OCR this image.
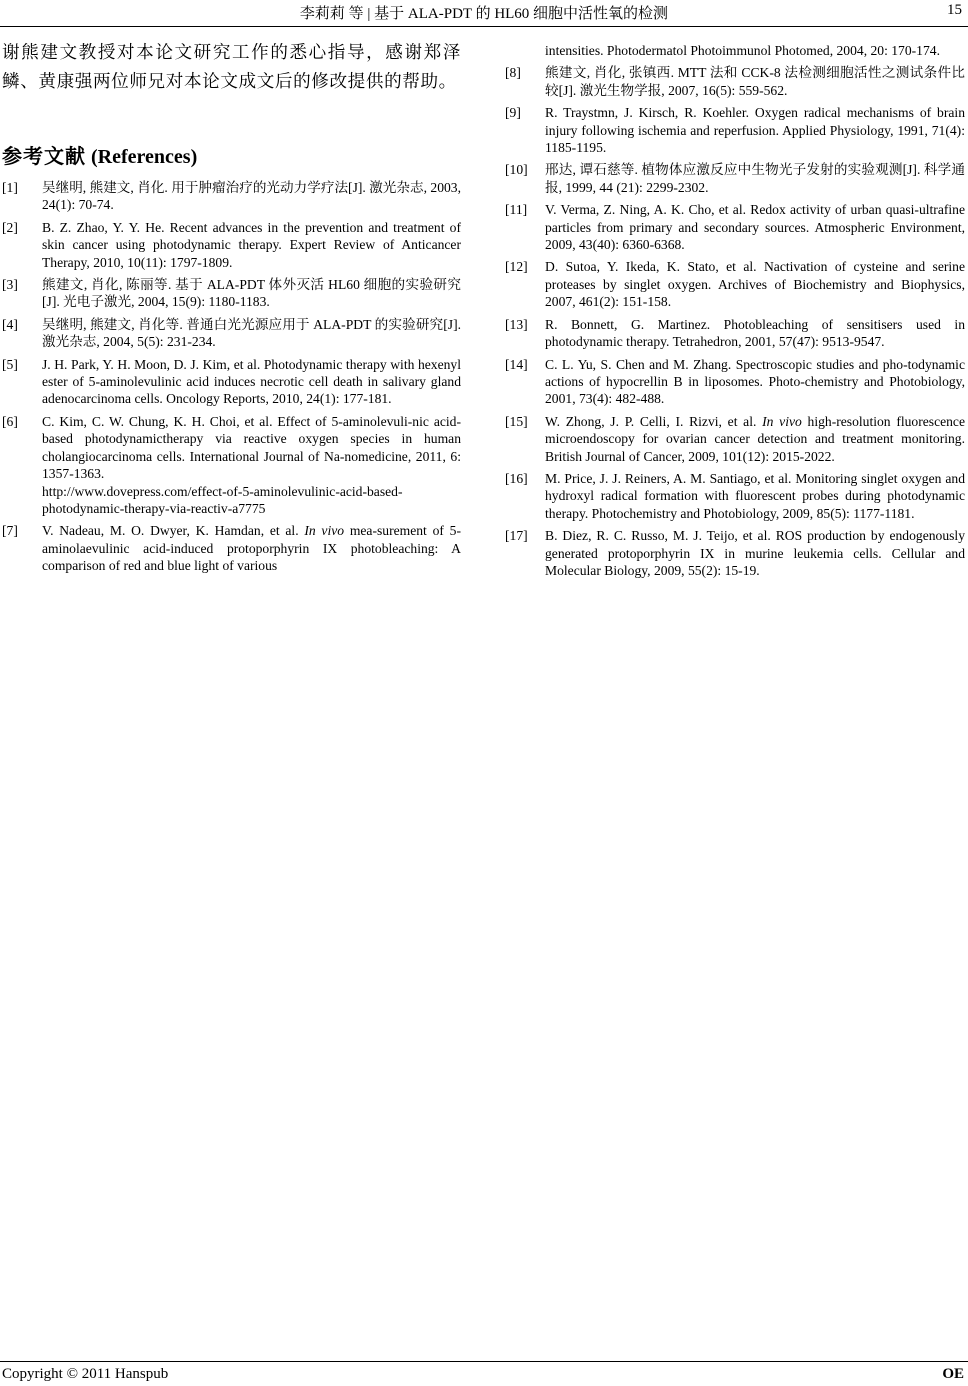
李莉莉 等 | 基于 ALA-PDT 的 HL60 细胞中活性氧的检测	15

谢熊建文教授对本论文研究工作的悉心指导，感谢郑泽鳞、黄康强两位师兄对本论文成文后的修改提供的帮助。

参考文献 (References)
[1]	吴继明, 熊建文, 肖化. 用于肿瘤治疗的光动力学疗法[J]. 激光杂志, 2003, 24(1): 70-74.
[2]	B. Z. Zhao, Y. Y. He. Recent advances in the prevention and treatment of skin cancer using photodynamic therapy. Expert Review of Anticancer Therapy, 2010, 10(11): 1797-1809.
[3]	熊建文, 肖化, 陈丽等. 基于 ALA-PDT 体外灭活 HL60 细胞的实验研究[J]. 光电子激光, 2004, 15(9): 1180-1183.
[4]	吴继明, 熊建文, 肖化等. 普通白光光源应用于 ALA-PDT 的实验研究[J]. 激光杂志, 2004, 5(5): 231-234.
[5]	J. H. Park, Y. H. Moon, D. J. Kim, et al. Photodynamic therapy with hexenyl ester of 5-aminolevulinic acid induces necrotic cell death in salivary gland adenocarcinoma cells. Oncology Reports, 2010, 24(1): 177-181.
[6]	C. Kim, C. W. Chung, K. H. Choi, et al. Effect of 5-aminolevuli-nic acid-based photodynamictherapy via reactive oxygen species in human cholangiocarcinoma cells. International Journal of Na-nomedicine, 2011, 6: 1357-1363.
http://www.dovepress.com/effect-of-5-aminolevulinic-acid-based-photodynamic-therapy-via-reactiv-a7775
[7]	V. Nadeau, M. O. Dwyer, K. Hamdan, et al. In vivo mea-surement of 5-aminolaevulinic acid-induced protoporphyrin IX photobleaching: A comparison of red and blue light of various

intensities. Photodermatol Photoimmunol Photomed, 2004, 20: 170-174.

[8]	熊建文, 肖化, 张镇西. MTT 法和 CCK-8 法检测细胞活性之测试条件比较[J]. 激光生物学报, 2007, 16(5): 559-562.
[9]	R. Traystmn, J. Kirsch, R. Koehler. Oxygen radical mechanisms of brain injury following ischemia and reperfusion. Applied Physiology, 1991, 71(4): 1185-1195.
[10]	邢达, 谭石慈等. 植物体应激反应中生物光子发射的实验观测[J]. 科学通报, 1999, 44 (21): 2299-2302.
[11]	V. Verma, Z. Ning, A. K. Cho, et al. Redox activity of urban quasi-ultrafine particles from primary and secondary sources. Atmospheric Environment, 2009, 43(40): 6360-6368.
[12]	D. Sutoa, Y. Ikeda, K. Stato, et al. Nactivation of cysteine and serine proteases by singlet oxygen. Archives of Biochemistry and Biophysics, 2007, 461(2): 151-158.
[13]	R. Bonnett, G. Martinez. Photobleaching of sensitisers used in photodynamic therapy. Tetrahedron, 2001, 57(47): 9513-9547.
[14]	C. L. Yu, S. Chen and M. Zhang. Spectroscopic studies and pho-todynamic actions of hypocrellin B in liposomes. Photo-chemistry and Photobiology, 2001, 73(4): 482-488.
[15]	W. Zhong, J. P. Celli, I. Rizvi, et al. In vivo high-resolution fluorescence microendoscopy for ovarian cancer detection and treatment monitoring. British Journal of Cancer, 2009, 101(12): 2015-2022.
[16]	M. Price, J. J. Reiners, A. M. Santiago, et al. Monitoring singlet oxygen and hydroxyl radical formation with fluorescent probes during photodynamic therapy. Photochemistry and Photobiology, 2009, 85(5): 1177-1181.
[17]	B. Diez, R. C. Russo, M. J. Teijo, et al. ROS production by endogenously generated protoporphyrin IX in murine leukemia cells. Cellular and Molecular Biology, 2009, 55(2): 15-19.
Copyright © 2011 Hanspub	OE
